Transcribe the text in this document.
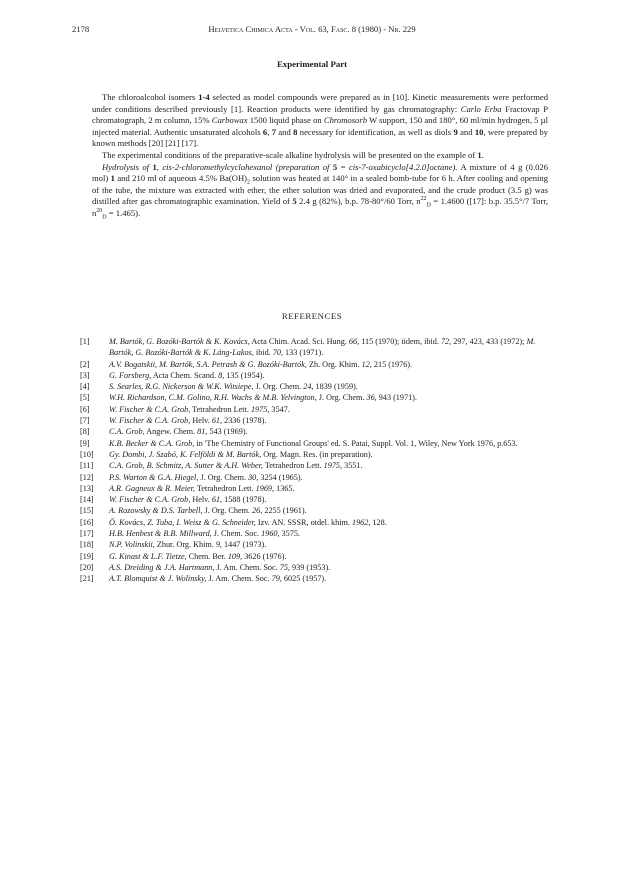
2178	Helvetica Chimica Acta - Vol. 63, Fasc. 8 (1980) - Nr. 229
Experimental Part

The chloroalcohol isomers 1-4 selected as model compounds were prepared as in [10]. Kinetic measurements were performed under conditions described previously [1]. Reaction products were identified by gas chromatography: Carlo Erba Fractovap P chromatograph, 2 m column, 15% Carbowax 1500 liquid phase on Chromosorb W support, 150 and 180°, 60 ml/min hydrogen, 5 µl injected material. Authentic unsaturated alcohols 6, 7 and 8 necessary for identification, as well as diols 9 and 10, were prepared by known methods [20] [21] [17].

The experimental conditions of the preparative-scale alkaline hydrolysis will be presented on the example of 1.

Hydrolysis of 1, cis-2-chloromethylcyclohexanol (preparation of 5 = cis-7-oxabicyclo[4.2.0]octane). A mixture of 4 g (0.026 mol) 1 and 210 ml of aqueous 4.5% $Ba(OH)_2$ solution was heated at 140° in a sealed bomb-tube for 6 h. After cooling and opening of the tube, the mixture was extracted with ether, the ether solution was dried and evaporated, and the crude product (3.5 g) was distilled after gas chromatographic examination. Yield of 5 2.4 g (82%), b.p. 78-80°/60 Torr, $n^{22}_D = 1.4600$ ([17]: b.p. 35.5°/7 Torr, $n^{20}_D = 1.465$).

REFERENCES
[1]	M. Bartók, G. Bozóki-Bartók & K. Kovács, Acta Chim. Acad. Sci. Hung. 66, 115 (1970); iidem, ibid. 72, 297, 423, 433 (1972); M. Bartók, G. Bozóki-Bartók & K. Láng-Lakos, ibid. 70, 133 (1971).
[2]	A.V. Bogatskii, M. Bartók, S.A. Petrash & G. Bozóki-Bartók, Zh. Org. Khim. 12, 215 (1976).
[3]	G. Forsberg, Acta Chem. Scand. 8, 135 (1954).
[4]	S. Searles, R.G. Nickerson & W.K. Witsiepe, J. Org. Chem. 24, 1839 (1959).
[5]	W.H. Richardson, C.M. Golino, R.H. Wachs & M.B. Yelvington, J. Org. Chem. 36, 943 (1971).
[6]	W. Fischer & C.A. Grob, Tetrahedron Lett. 1975, 3547.
[7]	W. Fischer & C.A. Grob, Helv. 61, 2336 (1978).
[8]	C.A. Grob, Angew. Chem. 81, 543 (1969).
[9]	K.B. Becker & C.A. Grob, in 'The Chemistry of Functional Groups' ed. S. Patai, Suppl. Vol. 1, Wiley, New York 1976, p.653.
[10]	Gy. Dombi, J. Szabó, K. Felföldi & M. Bartók, Org. Magn. Res. (in preparation).
[11]	C.A. Grob, B. Schmitz, A. Sutter & A.H. Weber, Tetrahedron Lett. 1975, 3551.
[12]	P.S. Warton & G.A. Hiegel, J. Org. Chem. 30, 3254 (1965).
[13]	A.R. Gagneux & R. Meier, Tetrahedron Lett. 1969, 1365.
[14]	W. Fischer & C.A. Grob, Helv. 61, 1588 (1978).
[15]	A. Rozowsky & D.S. Tarbell, J. Org. Chem. 26, 2255 (1961).
[16]	Ö. Kovács, Z. Tuba, I. Weisz & G. Schneider, Izv. AN. SSSR, otdel. khim. 1962, 128.
[17]	H.B. Henbest & B.B. Millward, J. Chem. Soc. 1960, 3575.
[18]	N.P. Volinskii, Zhur. Org. Khim. 9, 1447 (1973).
[19]	G. Kinast & L.F. Tietze, Chem. Ber. 109, 3626 (1976).
[20]	A.S. Dreiding & J.A. Hartmann, J. Am. Chem. Soc. 75, 939 (1953).
[21]	A.T. Blomquist & J. Wolinsky, J. Am. Chem. Soc. 79, 6025 (1957).
